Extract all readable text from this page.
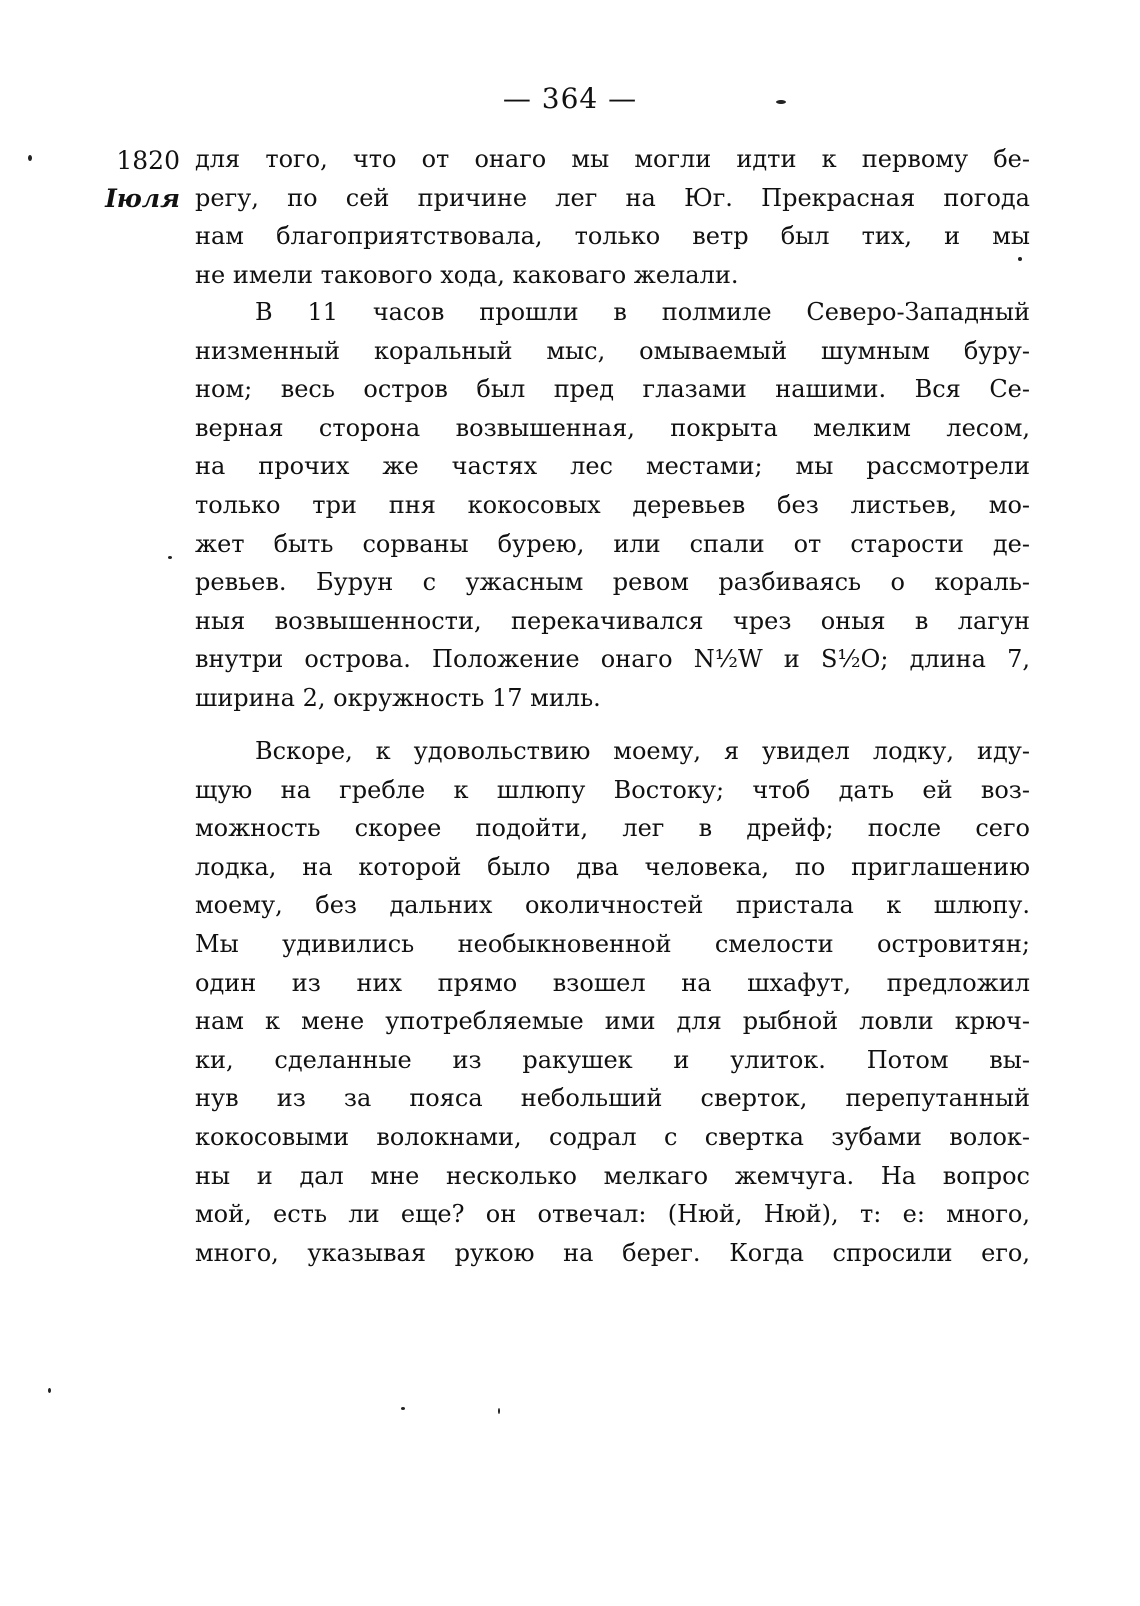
— 364 —
1820
Іюля
для того, что от онаго мы могли идти к первому бе-
регу, по сей причине лег на Юг. Прекрасная погода
нам благоприятствовала, только ветр был тих, и мы
не имели такового хода, каковаго желали.
В 11 часов прошли в полмиле Северо-Западный
низменный коральный мыс, омываемый шумным буру-
ном; весь остров был пред глазами нашими. Вся Се-
верная сторона возвышенная, покрыта мелким лесом,
на прочих же частях лес местами; мы рассмотрели
только три пня кокосовых деревьев без листьев, мо-
жет быть сорваны бурею, или спали от старости де-
ревьев. Бурун с ужасным ревом разбиваясь о кораль-
ныя возвышенности, перекачивался чрез оныя в лагун
внутри острова. Положение онаго N½W и S½O; длина 7,
ширина 2, окружность 17 миль.
Вскоре, к удовольствию моему, я увидел лодку, иду-
щую на гребле к шлюпу Востоку; чтоб дать ей воз-
можность скорее подойти, лег в дрейф; после сего
лодка, на которой было два человека, по приглашению
моему, без дальних околичностей пристала к шлюпу.
Мы удивились необыкновенной смелости островитян;
один из них прямо взошел на шхафут, предложил
нам к мене употребляемые ими для рыбной ловли крюч-
ки, сделанные из ракушек и улиток. Потом вы-
нув из за пояса небольший сверток, перепутанный
кокосовыми волокнами, содрал с свертка зубами волок-
ны и дал мне несколько мелкаго жемчуга. На вопрос
мой, есть ли еще? он отвечал: (Нюй, Нюй), т: е: много,
много, указывая рукою на берег. Когда спросили его,
